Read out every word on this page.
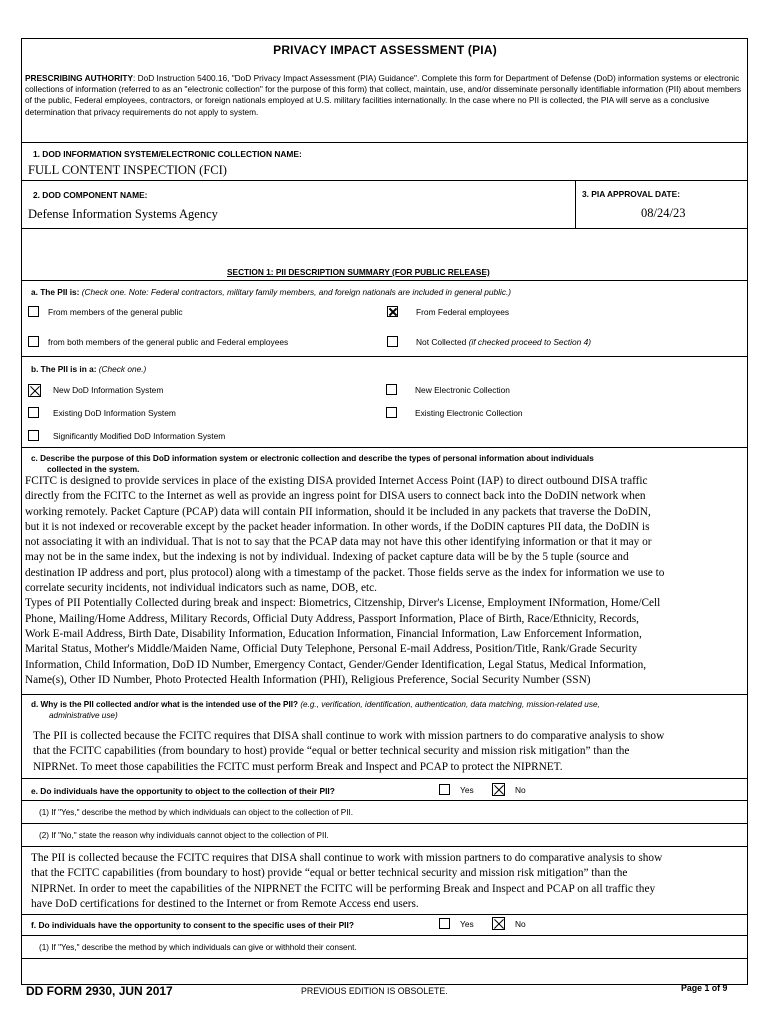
PRIVACY IMPACT ASSESSMENT (PIA)
PRESCRIBING AUTHORITY: DoD Instruction 5400.16, "DoD Privacy Impact Assessment (PIA) Guidance". Complete this form for Department of Defense (DoD) information systems or electronic collections of information (referred to as an "electronic collection" for the purpose of this form) that collect, maintain, use, and/or disseminate personally identifiable information (PII) about members of the public, Federal employees, contractors, or foreign nationals employed at U.S. military facilities internationally. In the case where no PII is collected, the PIA will serve as a conclusive determination that privacy requirements do not apply to system.
1. DOD INFORMATION SYSTEM/ELECTRONIC COLLECTION NAME:
FULL CONTENT INSPECTION (FCI)
2. DOD COMPONENT NAME:
Defense Information Systems Agency
3. PIA APPROVAL DATE:
08/24/23
SECTION 1: PII DESCRIPTION SUMMARY (FOR PUBLIC RELEASE)
a. The PII is: (Check one. Note: Federal contractors, military family members, and foreign nationals are included in general public.)
From members of the general public	From Federal employees
from both members of the general public and Federal employees	Not Collected (if checked proceed to Section 4)
b. The PII is in a: (Check one.)
New DoD Information System	New Electronic Collection
Existing DoD Information System	Existing Electronic Collection
Significantly Modified DoD Information System
c. Describe the purpose of this DoD information system or electronic collection and describe the types of personal information about individuals
collected in the system.
FCITC is designed to provide services in place of the existing DISA provided Internet Access Point (IAP) to direct outbound DISA traffic
directly from the FCITC to the Internet as well as provide an ingress point for DISA users to connect back into the DoDIN network when
working remotely. Packet Capture (PCAP) data will contain PII information, should it be included in any packets that traverse the DoDIN,
but it is not indexed or recoverable except by the packet header information. In other words, if the DoDIN captures PII data, the DoDIN is
not associating it with an individual. That is not to say that the PCAP data may not have this other identifying information or that it may or
may not be in the same index, but the indexing is not by individual. Indexing of packet capture data will be by the 5 tuple (source and
destination IP address and port, plus protocol) along with a timestamp of the packet. Those fields serve as the index for information we use to
correlate security incidents, not individual indicators such as name, DOB, etc.
Types of PII Potentially Collected during break and inspect: Biometrics, Citzenship, Dirver's License, Employment INformation, Home/Cell
Phone, Mailing/Home Address, Military Records, Official Duty Address, Passport Information, Place of Birth, Race/Ethnicity, Records,
Work E-mail Address, Birth Date, Disability Information, Education Information, Financial Information, Law Enforcement Information,
Marital Status, Mother's Middle/Maiden Name, Official Duty Telephone, Personal E-mail Address, Position/Title, Rank/Grade Security
Information, Child Information, DoD ID Number, Emergency Contact, Gender/Gender Identification, Legal Status, Medical Information,
Name(s), Other ID Number, Photo Protected Health Information (PHI), Religious Preference, Social Security Number (SSN)
d. Why is the PII collected and/or what is the intended use of the PII? (e.g., verification, identification, authentication, data matching, mission-related use,
administrative use)
The PII is collected because the FCITC requires that DISA shall continue to work with mission partners to do comparative analysis to show
that the FCITC capabilities (from boundary to host) provide “equal or better technical security and mission risk mitigation” than the
NIPRNet. To meet those capabilities the FCITC must perform Break and Inspect and PCAP to protect the NIPRNET.
e. Do individuals have the opportunity to object to the collection of their PII?	Yes	No
(1) If "Yes," describe the method by which individuals can object to the collection of PII.
(2) If "No," state the reason why individuals cannot object to the collection of PII.
The PII is collected because the FCITC requires that DISA shall continue to work with mission partners to do comparative analysis to show
that the FCITC capabilities (from boundary to host) provide “equal or better technical security and mission risk mitigation” than the
NIPRNet. In order to meet the capabilities of the NIPRNET the FCITC will be performing Break and Inspect and PCAP on all traffic they
have DoD certifications for destined to the Internet or from Remote Access end users.
f. Do individuals have the opportunity to consent to the specific uses of their PII?	Yes	No
(1) If "Yes," describe the method by which individuals can give or withhold their consent.
DD FORM 2930, JUN 2017	PREVIOUS EDITION IS OBSOLETE.	Page 1 of 9
